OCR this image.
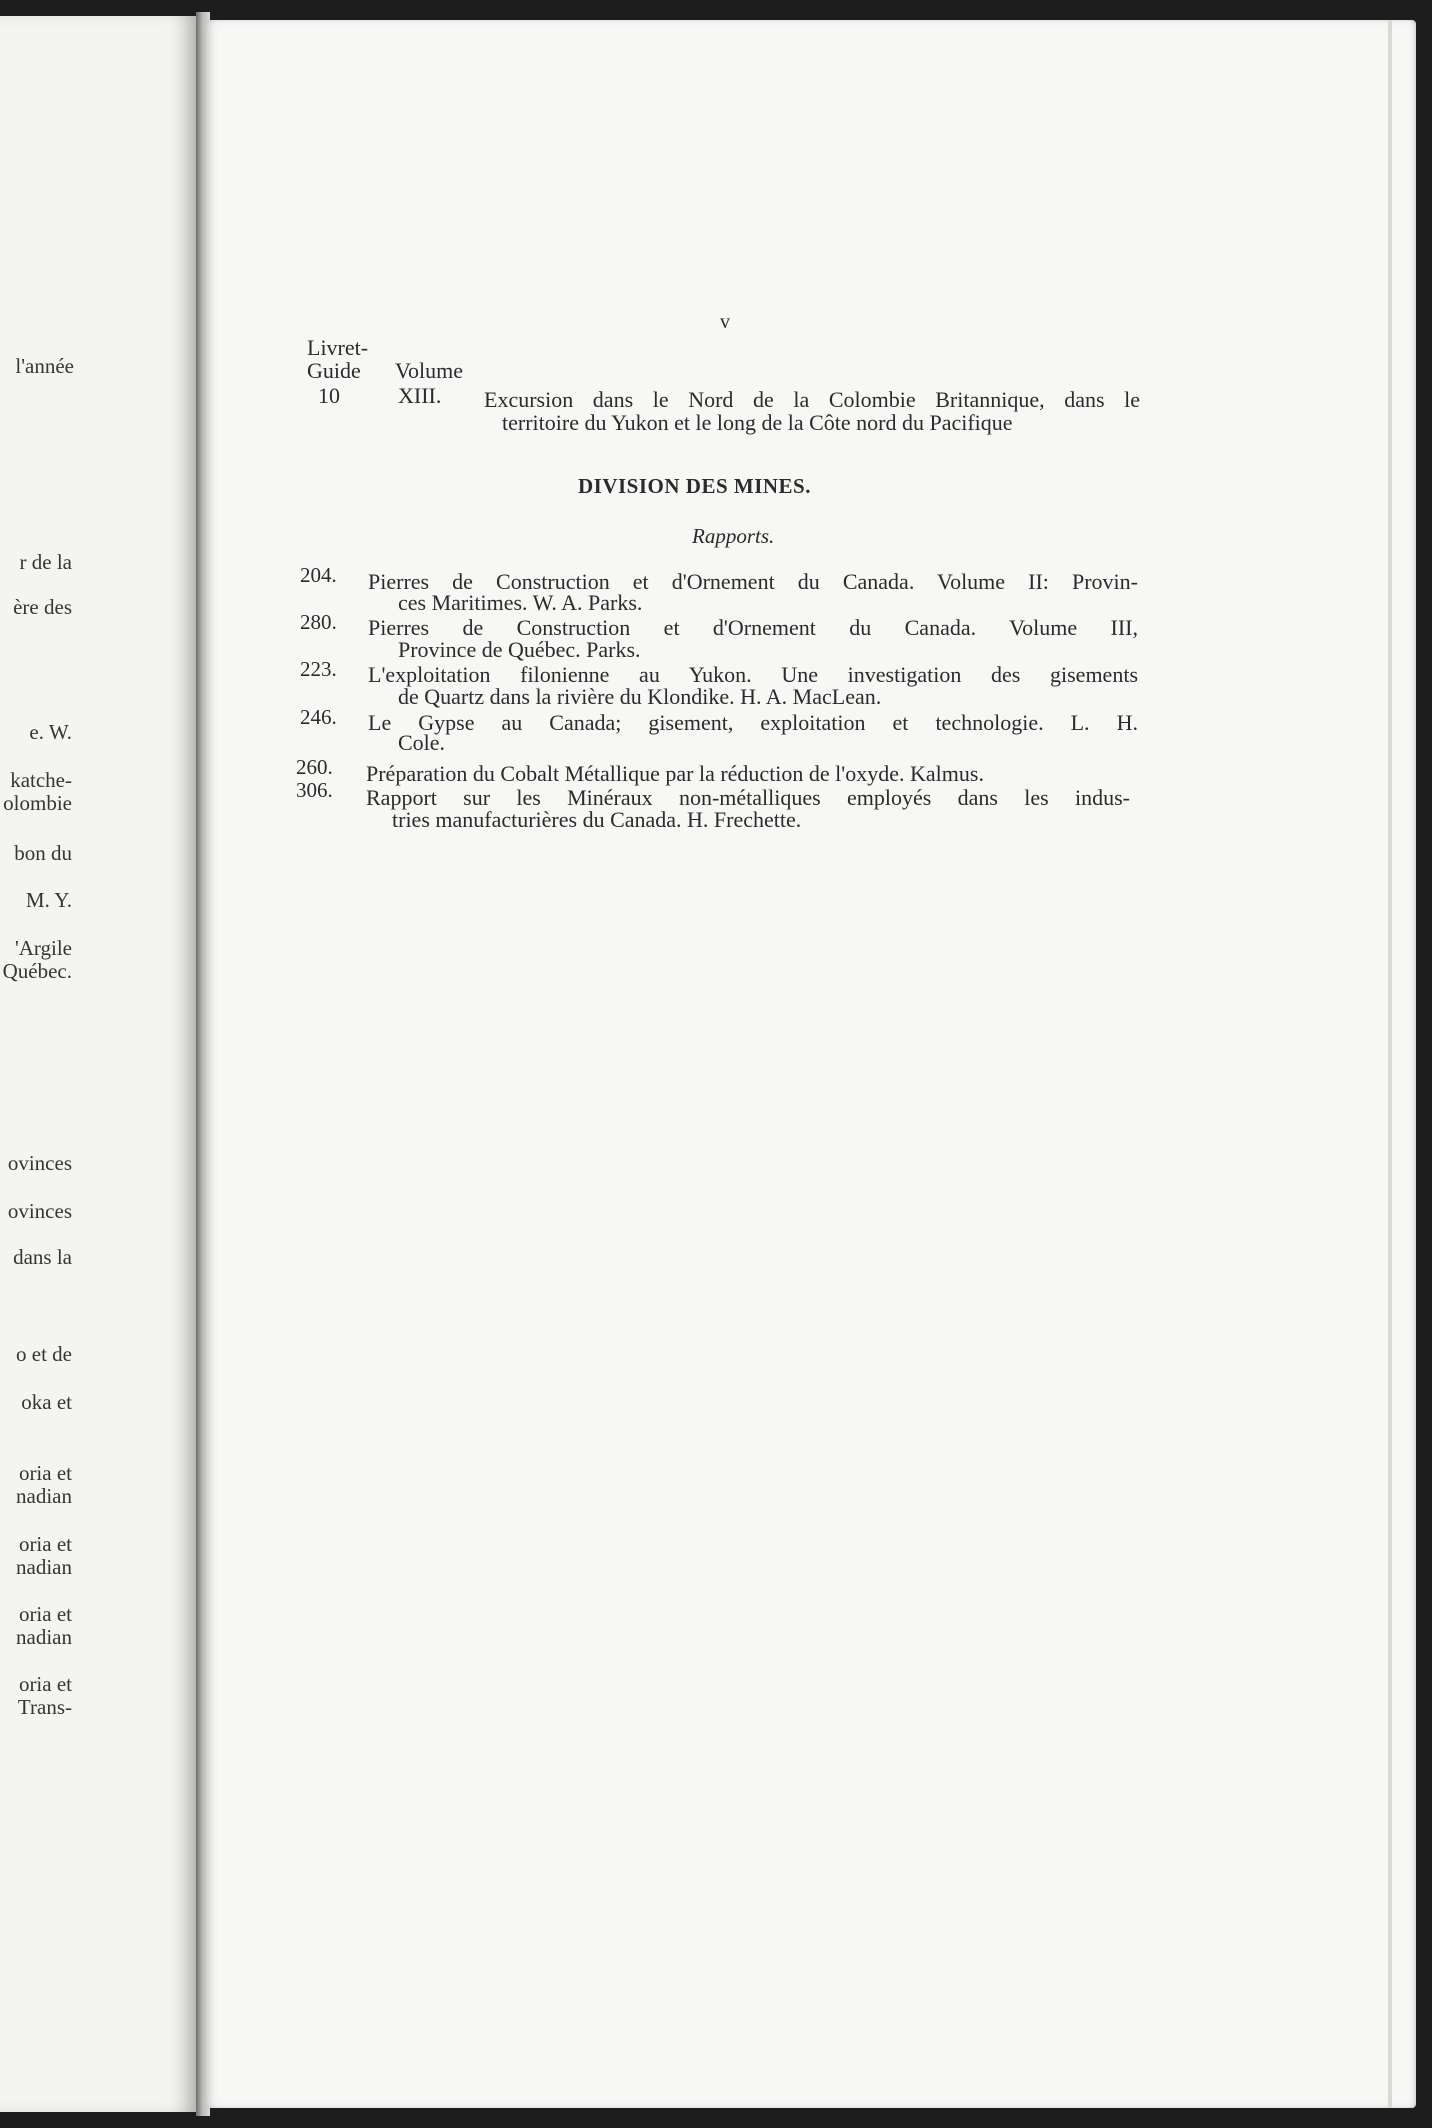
l'année
r de la
ère des
e. W.
katche-
olombie
bon du
M. Y.
'Argile
Québec.
ovinces
ovinces
dans la
o et de
oka et
oria et
nadian
oria et
nadian
oria et
nadian
oria et
Trans-
v
Livret-
Guide Volume
10	XIII. Excursion dans le Nord de la Colombie Britannique, dans le
territoire du Yukon et le long de la Côte nord du Pacifique
DIVISION DES MINES.
Rapports.
204. Pierres de Construction et d'Ornement du Canada. Volume II: Provin-
ces Maritimes. W. A. Parks.
280. Pierres de Construction et d'Ornement du Canada. Volume III,
Province de Québec. Parks.
223. L'exploitation filonienne au Yukon. Une investigation des gisements
de Quartz dans la rivière du Klondike. H. A. MacLean.
246. Le Gypse au Canada; gisement, exploitation et technologie. L. H.
Cole.
260. Préparation du Cobalt Métallique par la réduction de l'oxyde. Kalmus.
306. Rapport sur les Minéraux non-métalliques employés dans les indus-
tries manufacturières du Canada. H. Frechette.
